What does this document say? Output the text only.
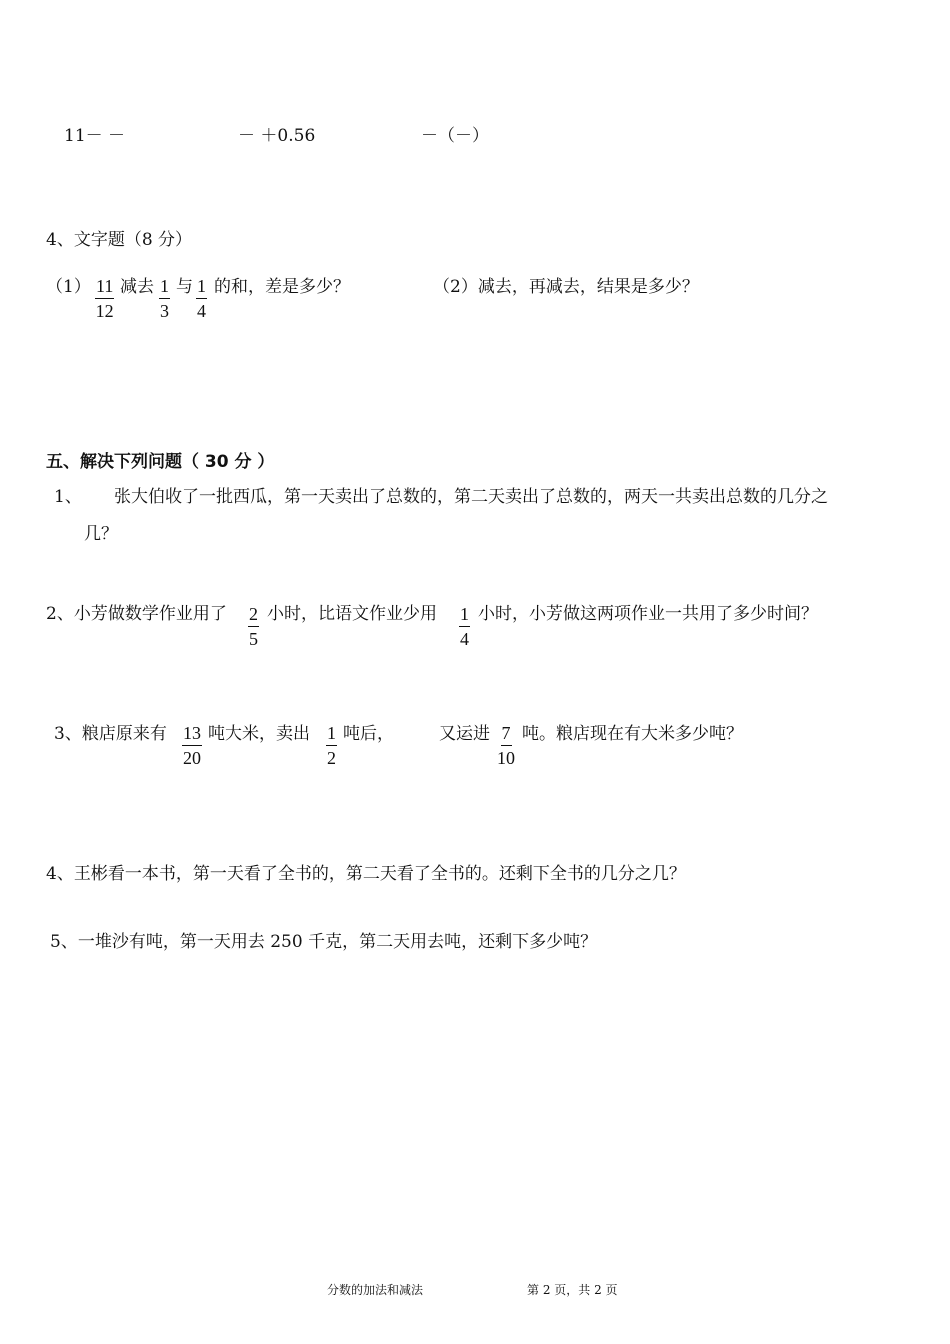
11－ －	－ ＋0.56	－（－）
4、文字题（8 分）
$(1) \frac{11}{12}$ 减去 $\frac{1}{3}$ 与 $\frac{1}{4}$ 的和，差是多少？	（2）减去，再减去，结果是多少？
五、解决下列问题（ 30 分 ）
1、 张大伯收了一批西瓜，第一天卖出了总数的，第二天卖出了总数的，两天一共卖出总数的几分之
几？
2、小芳做数学作业用了 $\frac{2}{5}$ 小时，比语文作业少用 $\frac{1}{4}$ 小时，小芳做这两项作业一共用了多少时间？
3、粮店原来有 $\frac{13}{20}$ 吨大米，卖出 $\frac{1}{2}$ 吨后，	又运进 $\frac{7}{10}$ 吨。粮店现在有大米多少吨？
4、王彬看一本书，第一天看了全书的，第二天看了全书的。还剩下全书的几分之几？
5、一堆沙有吨，第一天用去 250 千克，第二天用去吨，还剩下多少吨？
分数的加法和减法	第 2 页，共 2 页
